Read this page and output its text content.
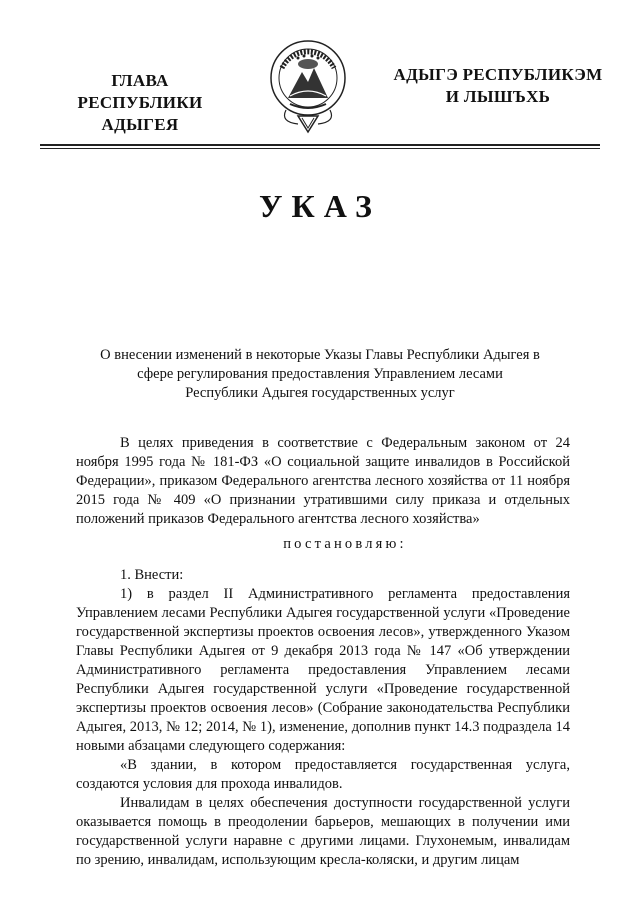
ГЛАВА
РЕСПУБЛИКИ АДЫГЕЯ
АДЫГЭ РЕСПУБЛИКЭМ
И ЛЫШЪХЬ
УКАЗ
О внесении изменений в некоторые Указы Главы Республики Адыгея в сфере регулирования предоставления Управлением лесами Республики Адыгея государственных услуг
В целях приведения в соответствие с Федеральным законом от 24 ноября 1995 года № 181-ФЗ «О социальной защите инвалидов в Российской Федерации», приказом Федерального агентства лесного хозяйства от 11 ноября 2015 года № 409 «О признании утратившими силу приказа и отдельных положений приказов Федерального агентства лесного хозяйства»
постановляю:

1. Внести:

1) в раздел II Административного регламента предоставления Управлением лесами Республики Адыгея государственной услуги «Проведение государственной экспертизы проектов освоения лесов», утвержденного Указом Главы Республики Адыгея от 9 декабря 2013 года № 147 «Об утверждении Административного регламента предоставления Управлением лесами Республики Адыгея государственной услуги «Проведение государственной экспертизы проектов освоения лесов» (Собрание законодательства Республики Адыгея, 2013, № 12; 2014, № 1), изменение, дополнив пункт 14.3 подраздела 14 новыми абзацами следующего содержания:

«В здании, в котором предоставляется государственная услуга, создаются условия для прохода инвалидов.

Инвалидам в целях обеспечения доступности государственной услуги оказывается помощь в преодолении барьеров, мешающих в получении ими государственной услуги наравне с другими лицами. Глухонемым, инвалидам по зрению, инвалидам, использующим кресла-коляски, и другим лицам
